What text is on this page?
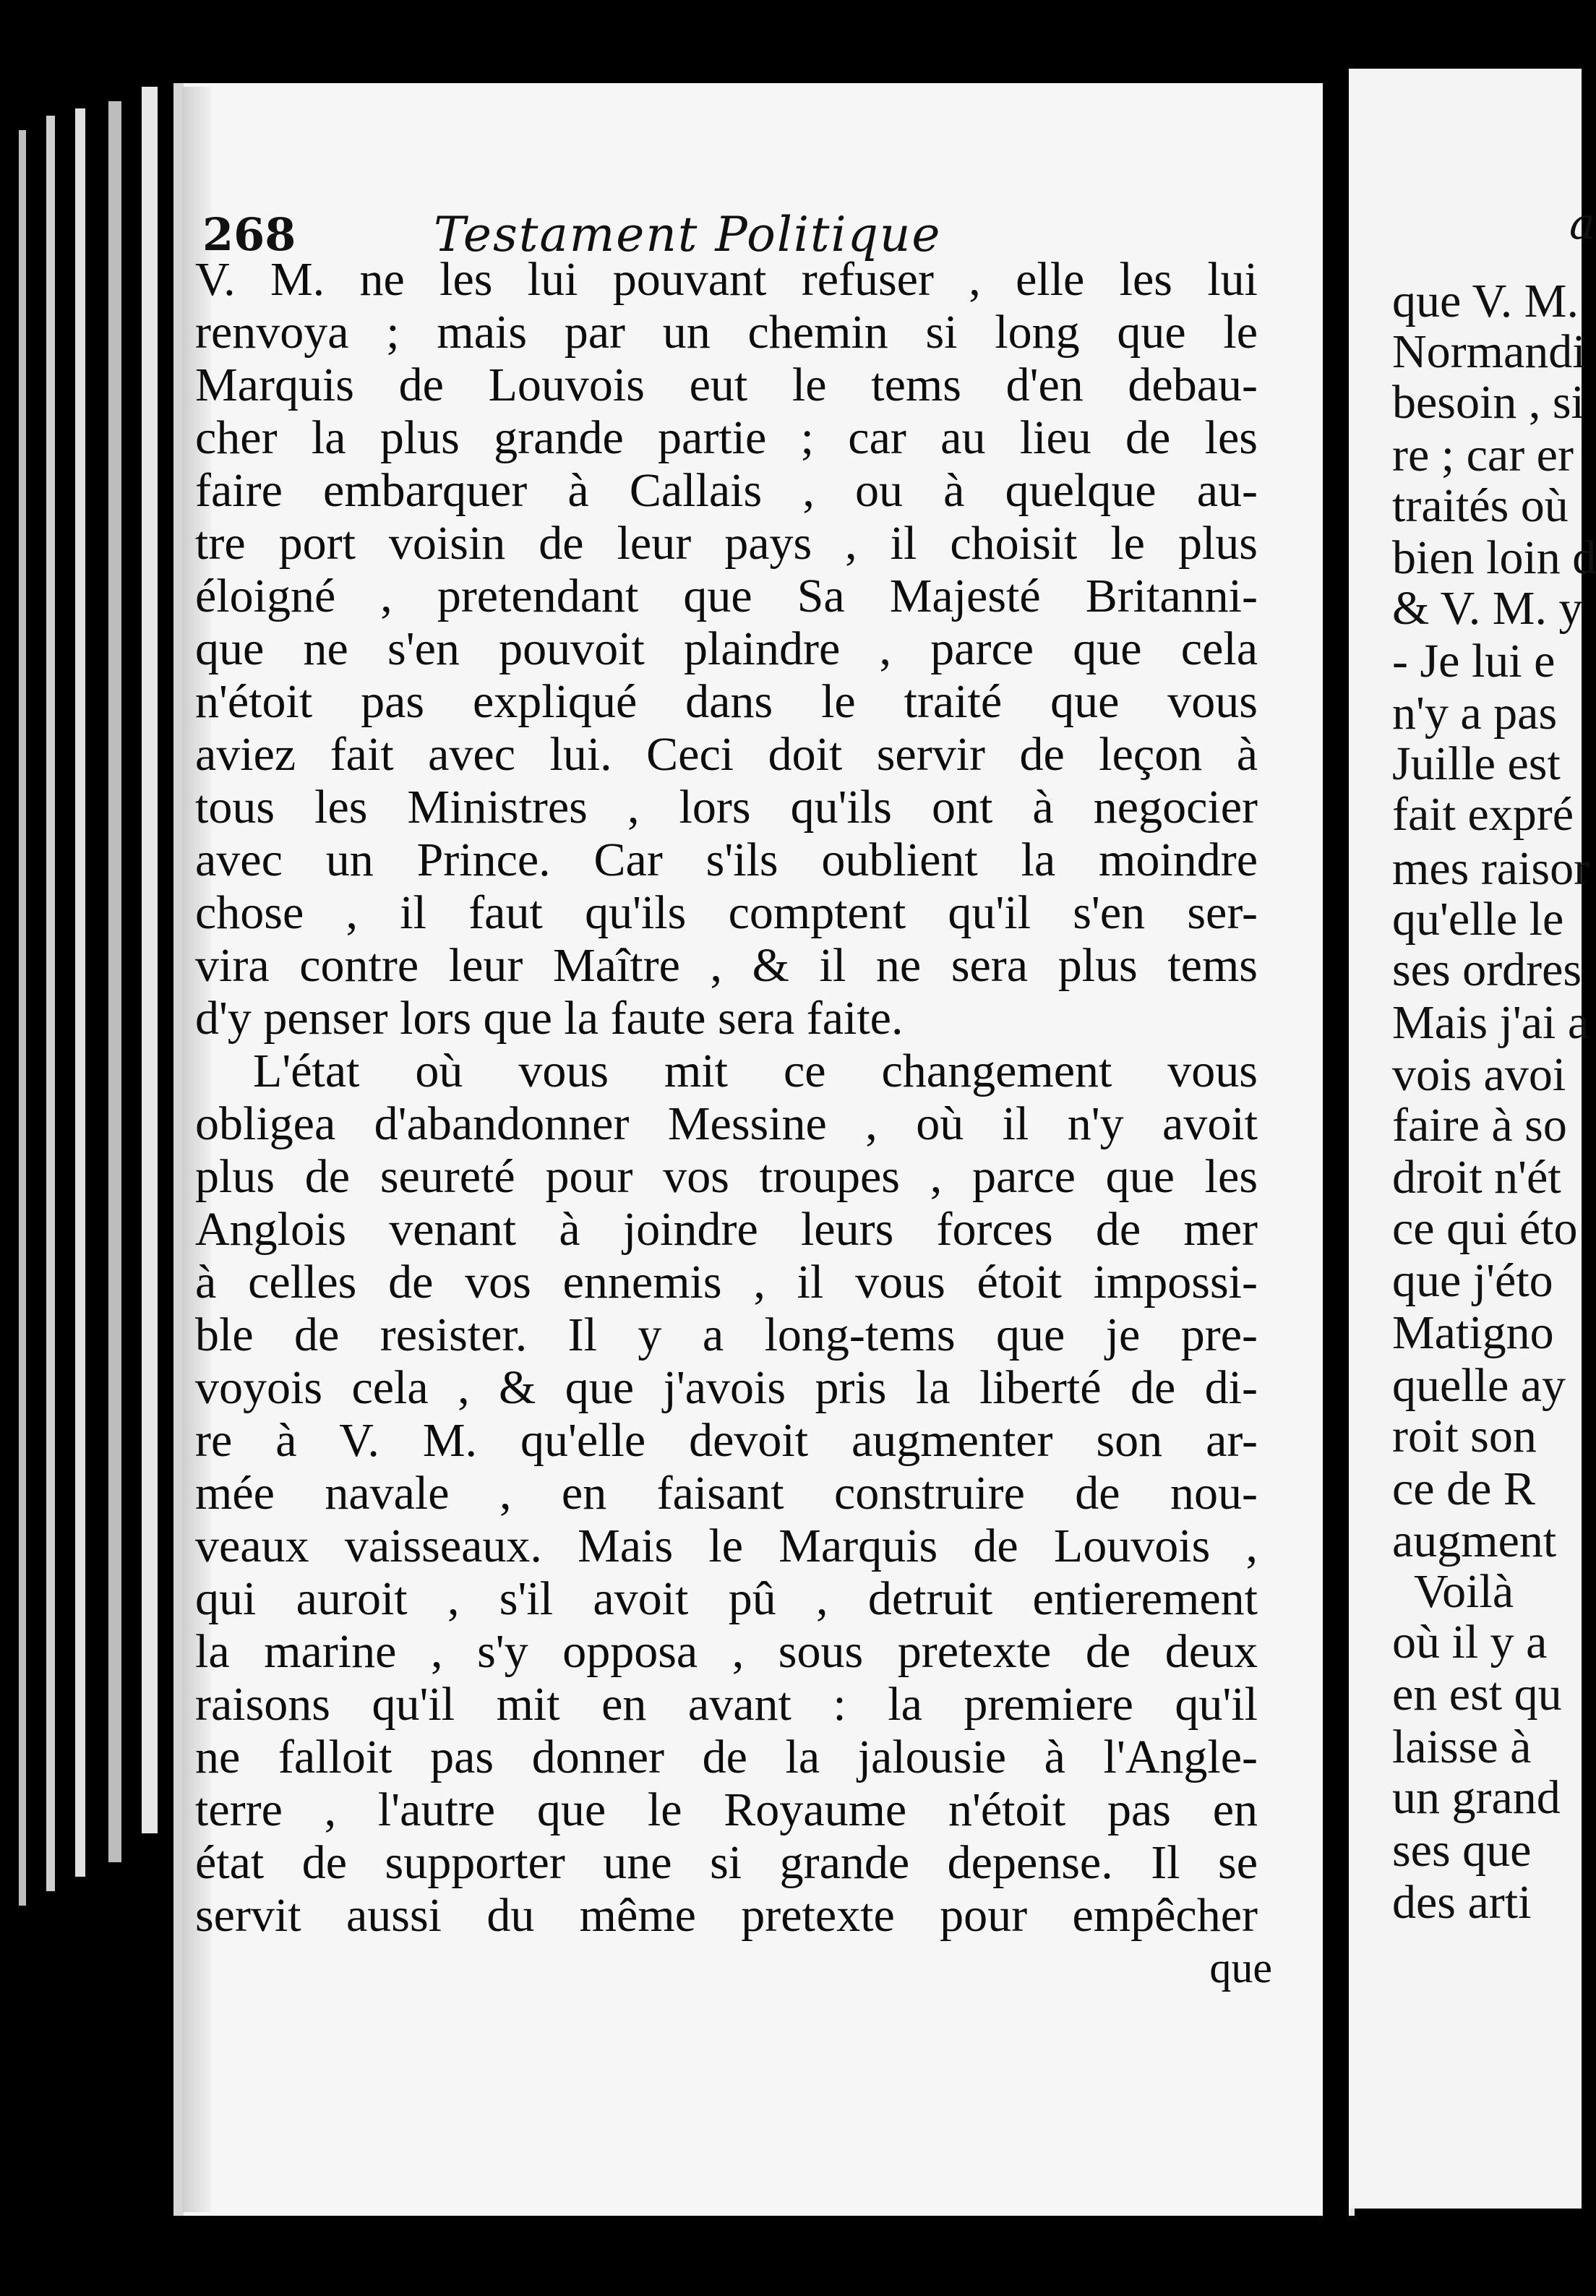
268	Testament Politique
V. M. ne les lui pouvant refuser , elle les lui
renvoya ; mais par un chemin si long que le
Marquis de Louvois eut le tems d'en debau-
cher la plus grande partie ; car au lieu de les
faire embarquer à Callais , ou à quelque au-
tre port voisin de leur pays , il choisit le plus
éloigné , pretendant que Sa Majesté Britanni-
que ne s'en pouvoit plaindre , parce que cela
n'étoit pas expliqué dans le traité que vous
aviez fait avec lui. Ceci doit servir de leçon à
tous les Ministres , lors qu'ils ont à negocier
avec un Prince. Car s'ils oublient la moindre
chose , il faut qu'ils comptent qu'il s'en ser-
vira contre leur Maître , & il ne sera plus tems
d'y penser lors que la faute sera faite.
L'état où vous mit ce changement vous
obligea d'abandonner Messine , où il n'y avoit
plus de seureté pour vos troupes , parce que les
Anglois venant à joindre leurs forces de mer
à celles de vos ennemis , il vous étoit impossi-
ble de resister. Il y a long-tems que je pre-
voyois cela , & que j'avois pris la liberté de di-
re à V. M. qu'elle devoit augmenter son ar-
mée navale , en faisant construire de nou-
veaux vaisseaux. Mais le Marquis de Louvois ,
qui auroit , s'il avoit pû , detruit entierement
la marine , s'y opposa , sous pretexte de deux
raisons qu'il mit en avant : la premiere qu'il
ne falloit pas donner de la jalousie à l'Angle-
terre , l'autre que le Royaume n'étoit pas en
état de supporter une si grande depense. Il se
servit aussi du même pretexte pour empêcher
que
a
que V. M.
Normandi
besoin , si
re ; car er
traités où
bien loin d
& V. M. y
- Je lui e
n'y a pas
Juille est
fait expré
mes raisor
qu'elle le
ses ordres
Mais j'ai a
vois avoi
faire à so
droit n'ét
ce qui éto
que j'éto
Matigno
quelle ay
roit son
ce de R
augment
Voilà
où il y a
en est qu
laisse à
un grand
ses que
des arti
